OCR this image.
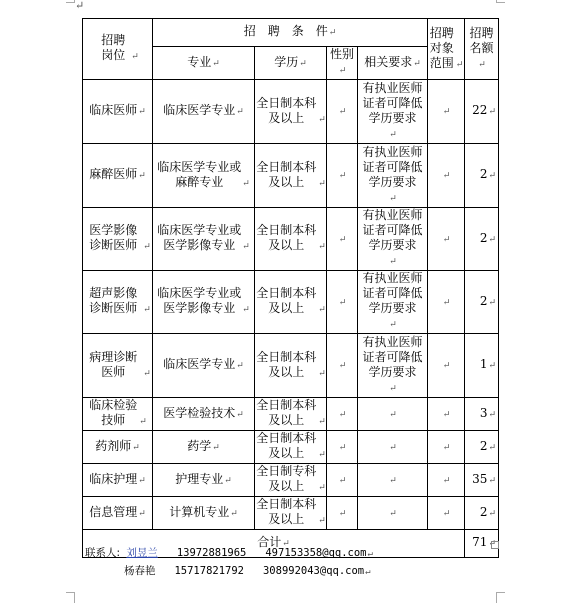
↵
招聘岗位 ↵	招　聘　条　件↵				招聘对象范围 ↵	招聘名额↵
	专业↵	学历↵	性别↵	相关要求↵		
临床医师↵	临床医学专业↵	全日制本科及以上 ↵	↵	有执业医师证者可降低学历要求↵	↵	22↵
麻醉医师↵	临床医学专业或麻醉专业 ↵	全日制本科及以上 ↵	↵	有执业医师证者可降低学历要求↵	↵	2↵
医学影像诊断医师 ↵	临床医学专业或医学影像专业 ↵	全日制本科及以上 ↵	↵	有执业医师证者可降低学历要求↵	↵	2↵
超声影像诊断医师 ↵	临床医学专业或医学影像专业 ↵	全日制本科及以上 ↵	↵	有执业医师证者可降低学历要求↵	↵	2↵
病理诊断医师 ↵	临床医学专业↵	全日制本科及以上 ↵	↵	有执业医师证者可降低学历要求↵	↵	1↵
临床检验技师 ↵	医学检验技术↵	全日制本科及以上 ↵	↵	↵	↵	3↵
药剂师↵	药学↵	全日制本科及以上 ↵	↵	↵	↵	2↵
临床护理↵	护理专业↵	全日制专科及以上 ↵	↵	↵	↵	35↵
信息管理↵	计算机专业↵	全日制本科及以上 ↵	↵	↵	↵	2↵
合计↵						71↵
联系人: 刘昱兰 13972881965 497153358@qq.com↵
杨春艳 15717821792 308992043@qq.com↵
